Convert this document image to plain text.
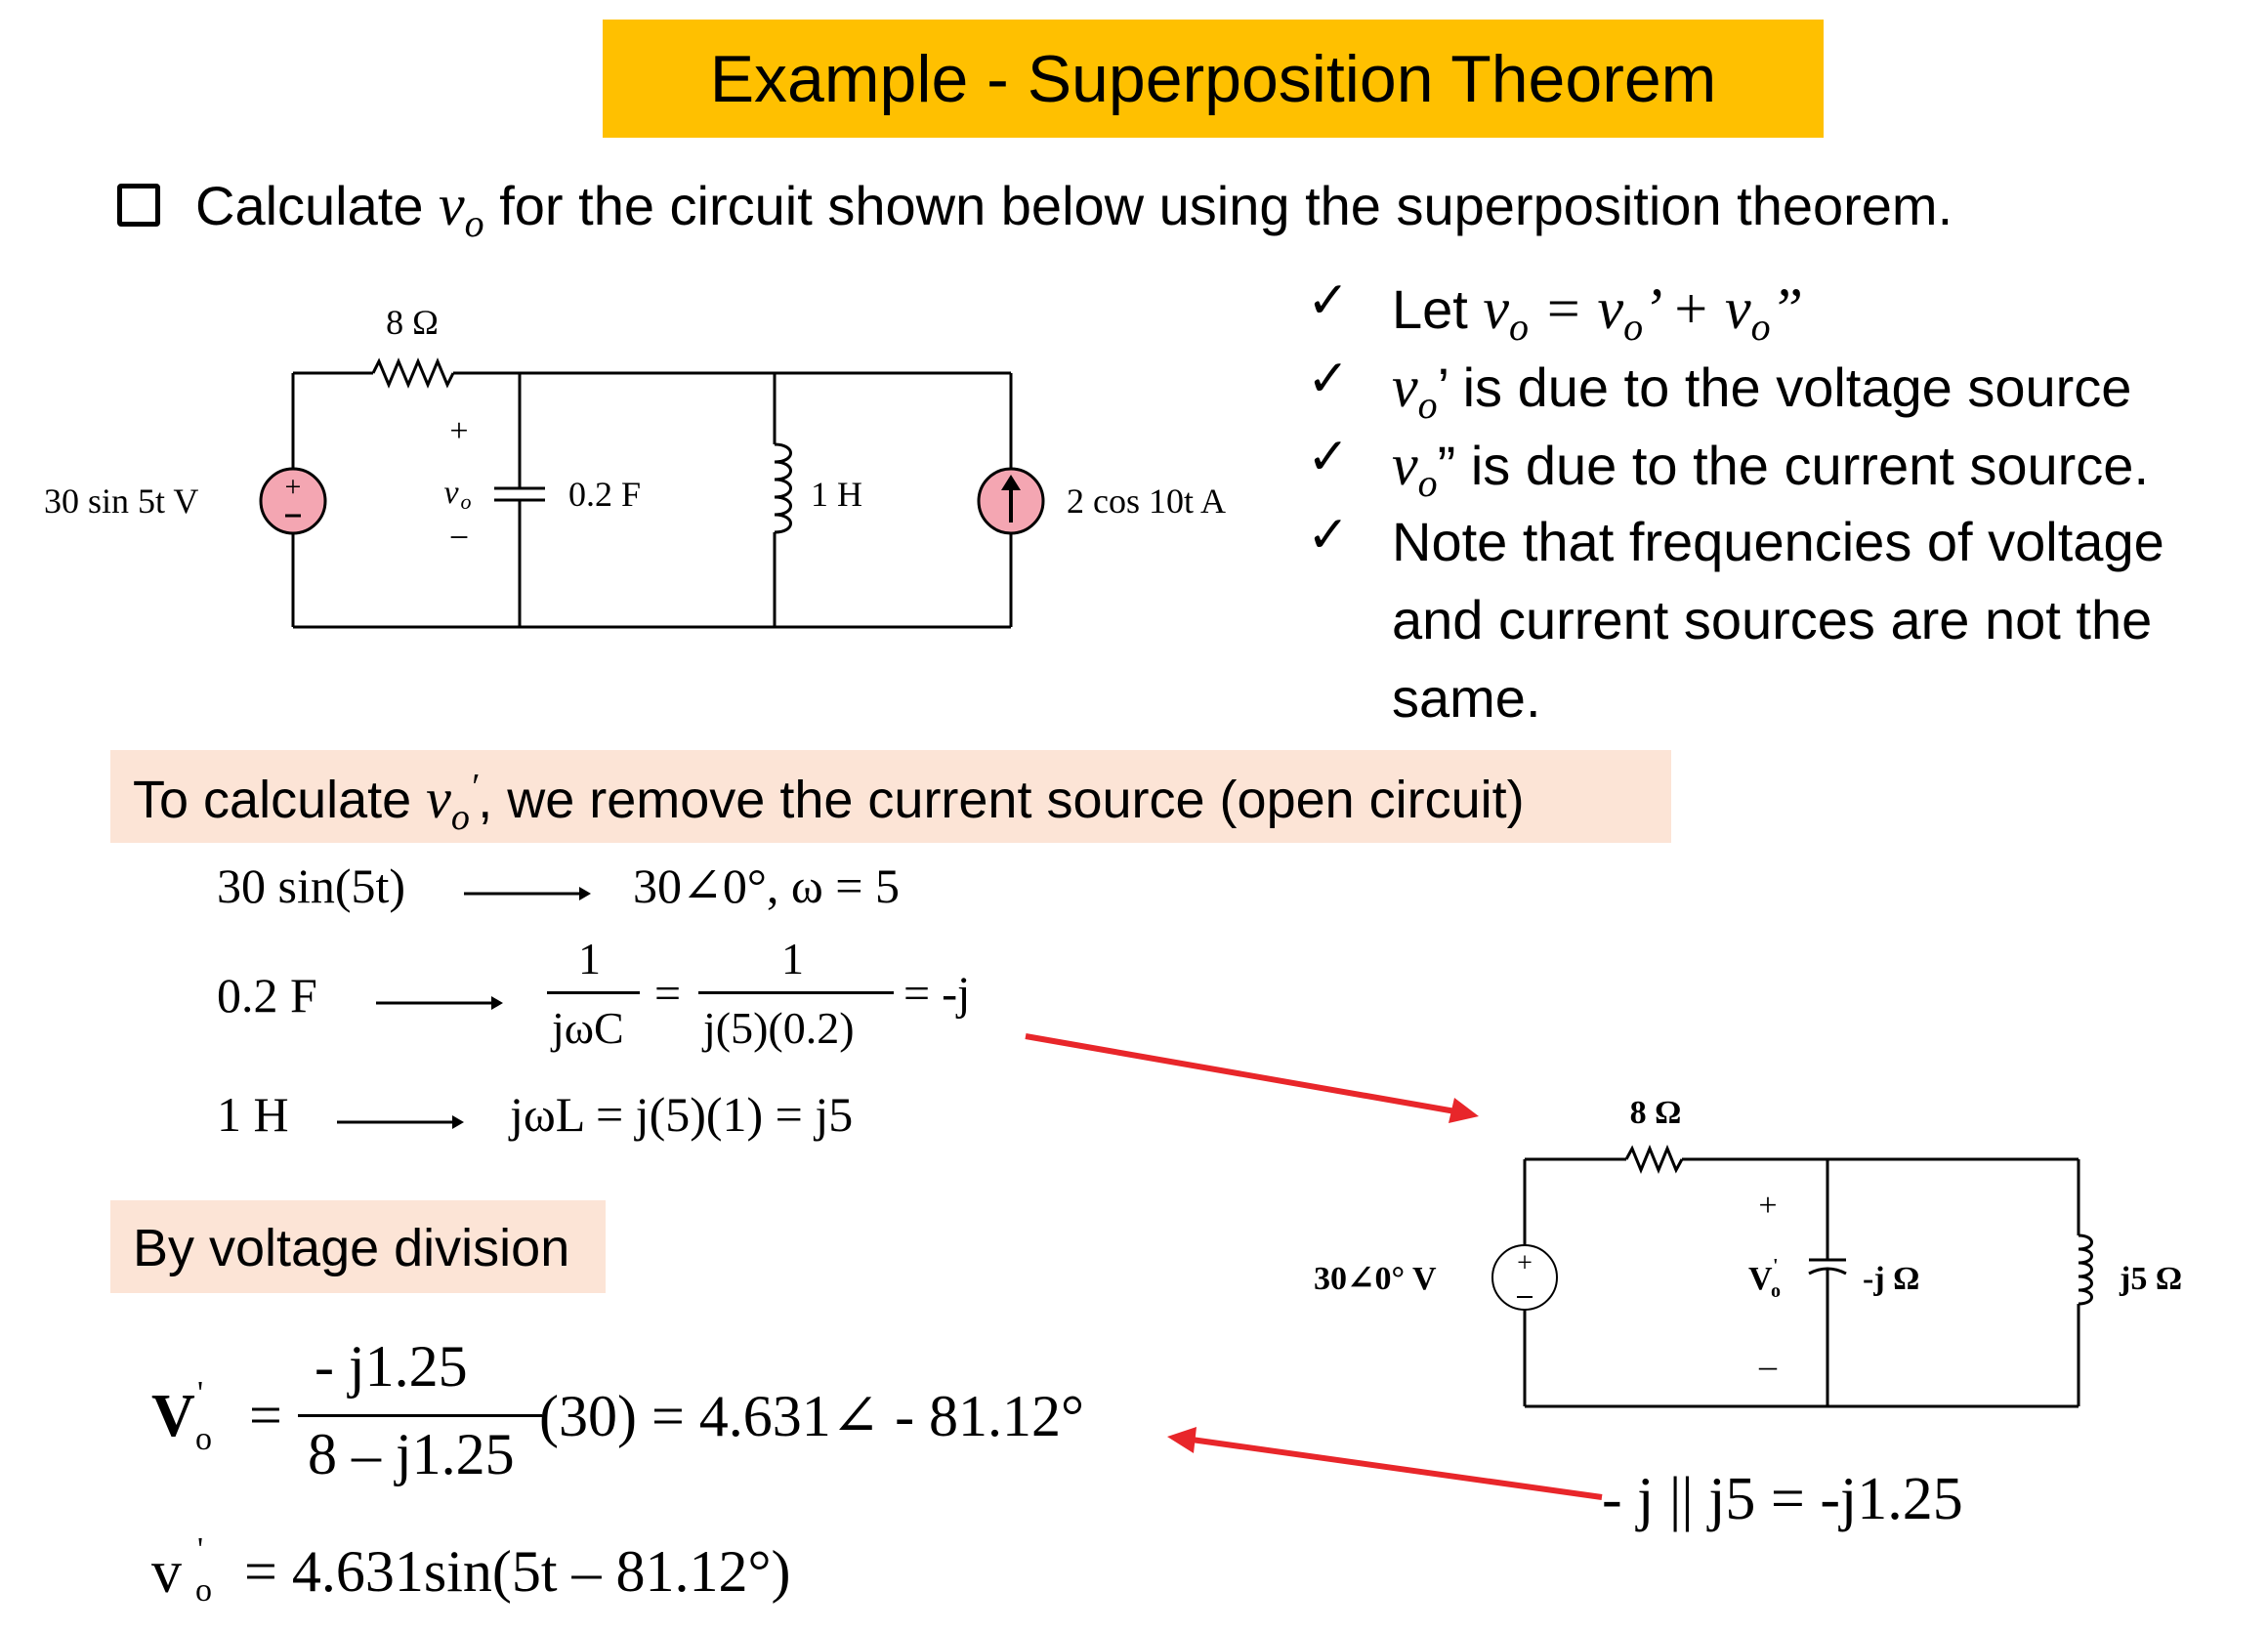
Example - Superposition Theorem
Calculate $v_o$ for the circuit shown below using the superposition theorem.
+
8 Ω
30 sin 5t V	0.2 F	1 H	2 cos 10t A
+
v o
−
✓
✓
✓
✓
Let $v_o = v_o$’ + $v_o$”
$v_o$’ is due to the voltage source
$v_o$” is due to the current source.
Note that frequencies of voltage
and current sources are not the
same.
To calculate $v_o'$, we remove the current source (open circuit)
30 sin(5t)	30∠0°, ω = 5
0.2 F
1
jωC
=
1
j(5)(0.2)
= -j
1 H	jωL = j(5)(1) = j5
By voltage division
V o
' =
- j1.25
8 – j1.25
(30) = 4.631∠ - 81.12°
v o
' = 4.631sin(5t – 81.12°)
+
8 Ω
30∠0° V	-j Ω	j5 Ω
+
V
o
'
–
- j || j5 = -j1.25
